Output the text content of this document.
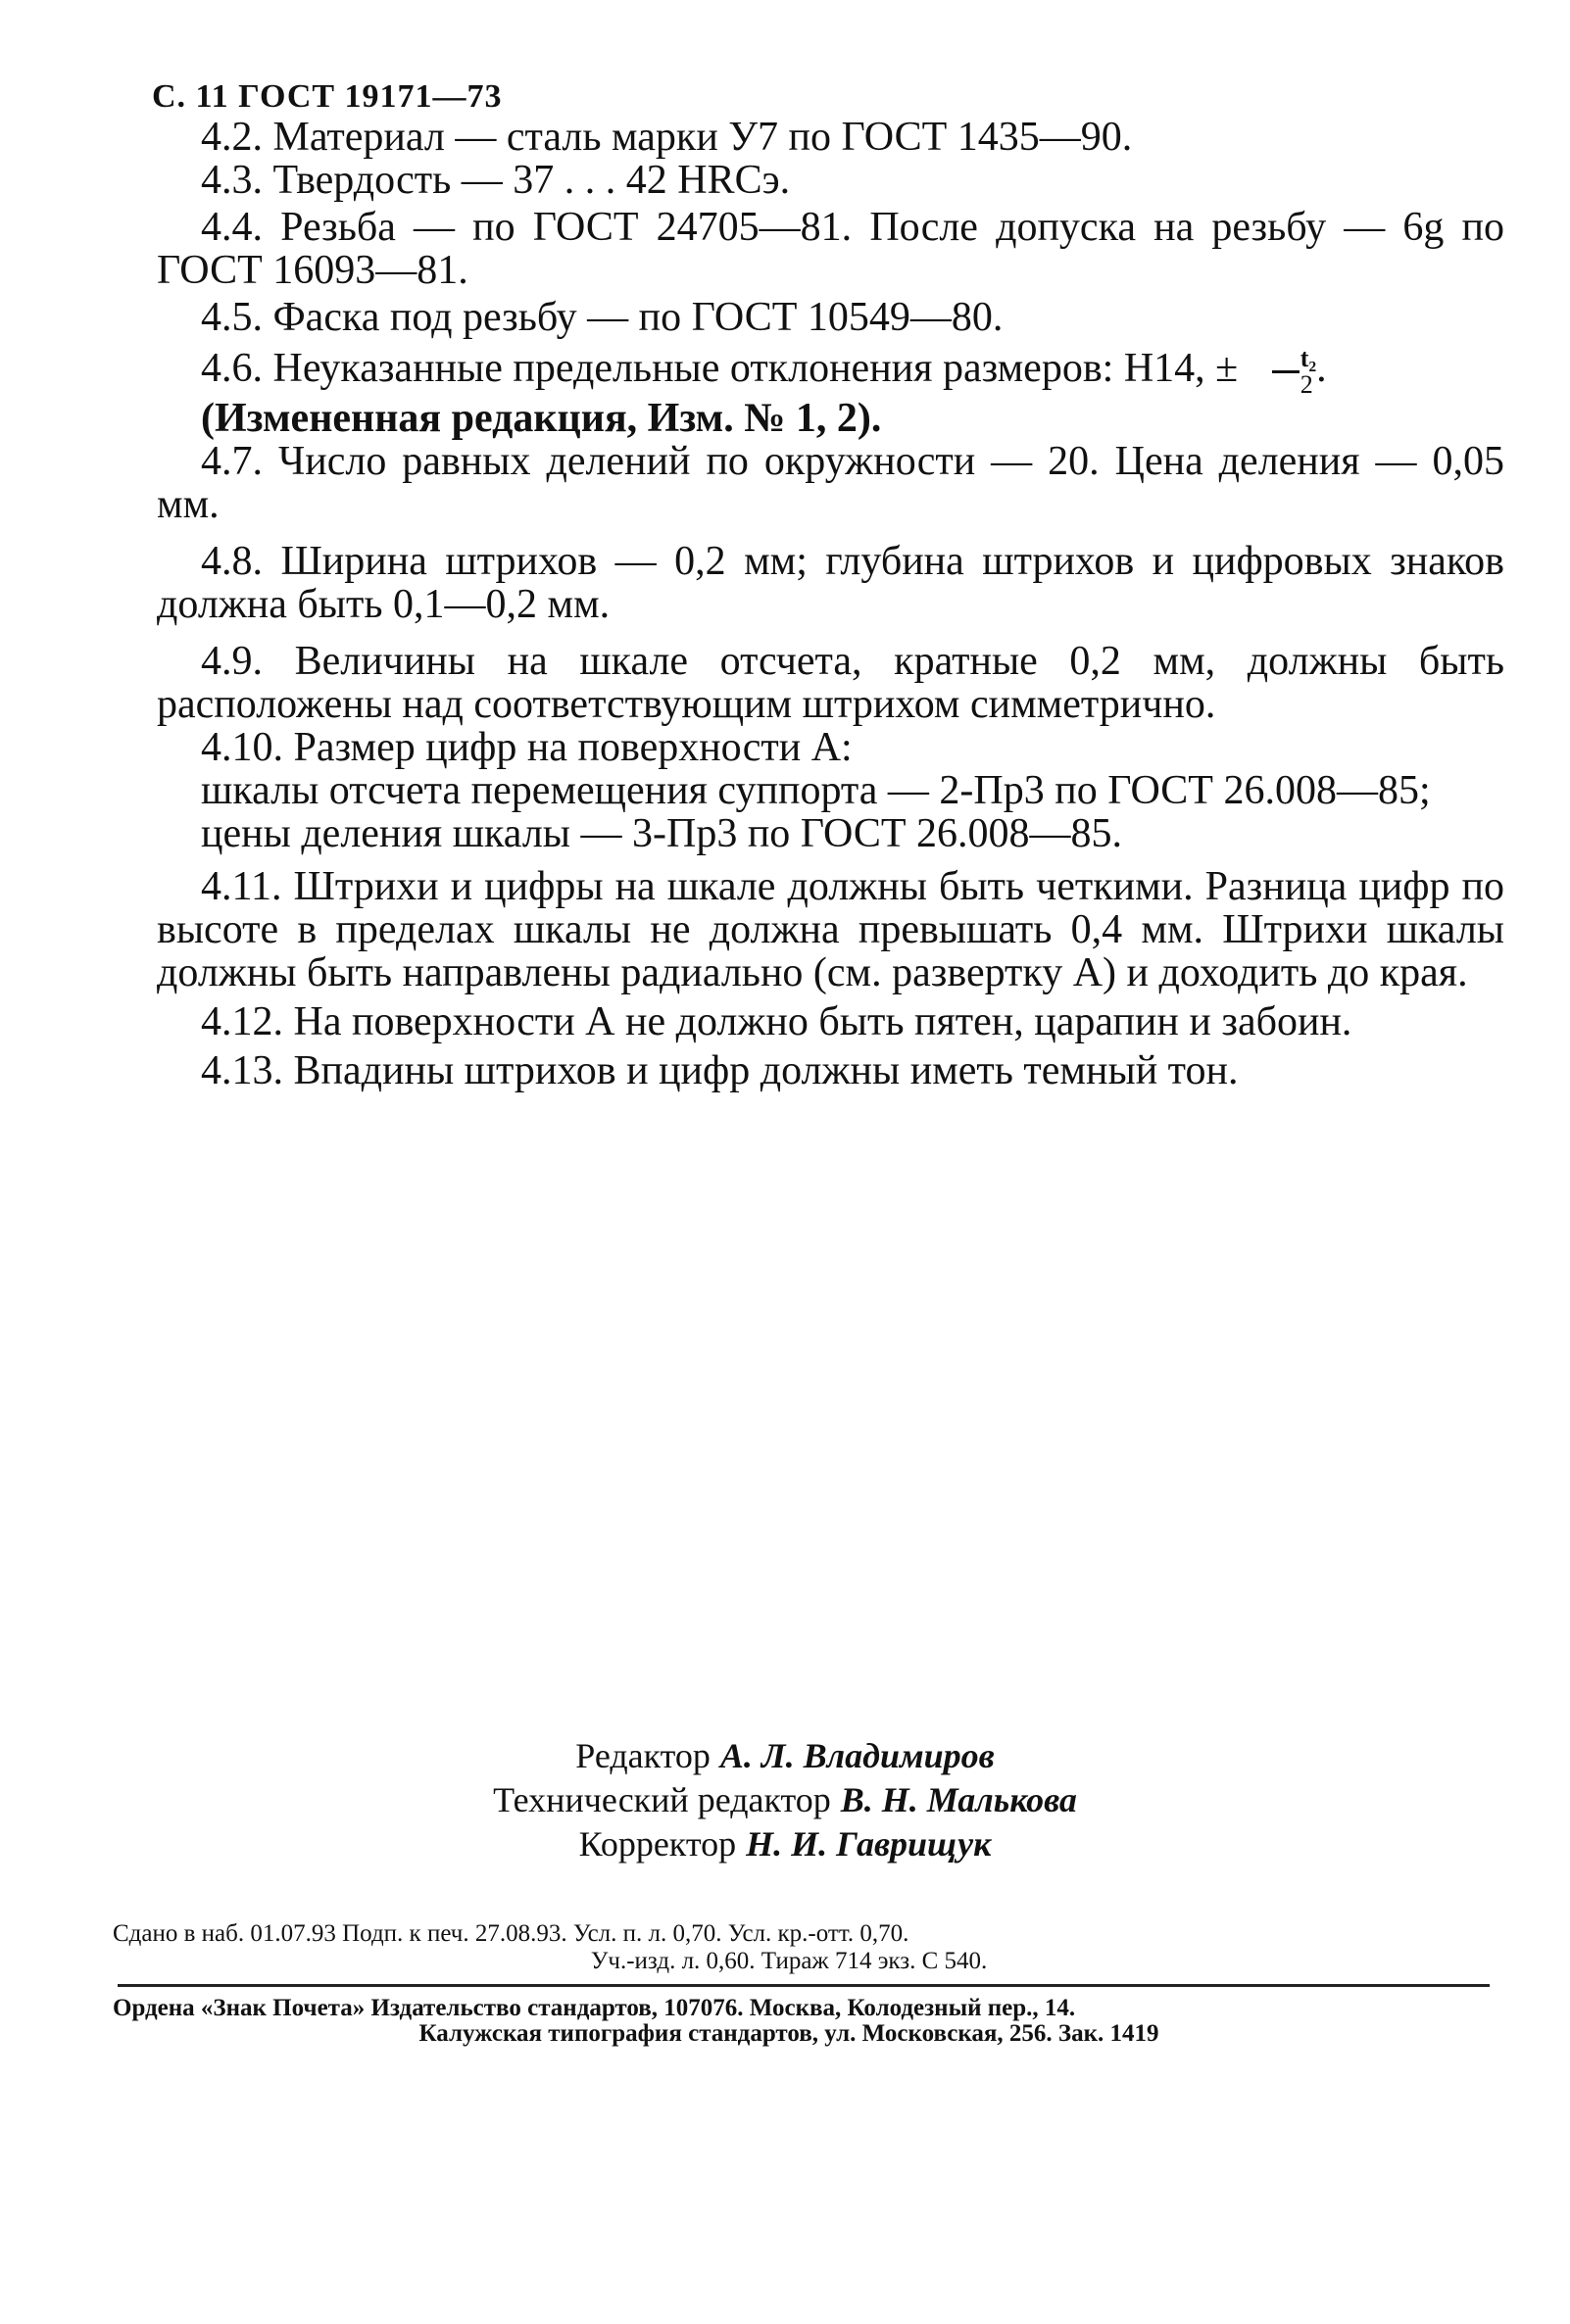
С. 11 ГОСТ 19171—73

4.2. Материал — сталь марки У7 по ГОСТ 1435—90.

4.3. Твердость — 37 . . . 42 HRCэ.

4.4. Резьба — по ГОСТ 24705—81. После допуска на резьбу — 6g по ГОСТ 16093—81.

4.5. Фаска под резьбу — по ГОСТ 10549—80.

4.6. Неуказанные предельные отклонения размеров: H14, ± $\frac{\text{t₂}}{2}$ .

(Измененная редакция, Изм. № 1, 2).

4.7. Число равных делений по окружности — 20. Цена деления — 0,05 мм.

4.8. Ширина штрихов — 0,2 мм; глубина штрихов и цифровых знаков должна быть 0,1—0,2 мм.

4.9. Величины на шкале отсчета, кратные 0,2 мм, должны быть расположены над соответствующим штрихом симметрично.

4.10. Размер цифр на поверхности А:

шкалы отсчета перемещения суппорта — 2-Пр3 по ГОСТ 26.008—85;

цены деления шкалы — 3-Пр3 по ГОСТ 26.008—85.

4.11. Штрихи и цифры на шкале должны быть четкими. Разница цифр по высоте в пределах шкалы не должна превышать 0,4 мм. Штрихи шкалы должны быть направлены радиально (см. развертку А) и доходить до края.

4.12. На поверхности А не должно быть пятен, царапин и забоин.

4.13. Впадины штрихов и цифр должны иметь темный тон.

Редактор А. Л. Владимиров
Технический редактор В. Н. Малькова
Корректор Н. И. Гаврищук
Сдано в наб. 01.07.93 Подп. к печ. 27.08.93. Усл. п. л. 0,70. Усл. кр.-отт. 0,70.
Уч.-изд. л. 0,60. Тираж 714 экз. С 540.
Ордена «Знак Почета» Издательство стандартов, 107076. Москва, Колодезный пер., 14.
Калужская типография стандартов, ул. Московская, 256. Зак. 1419
